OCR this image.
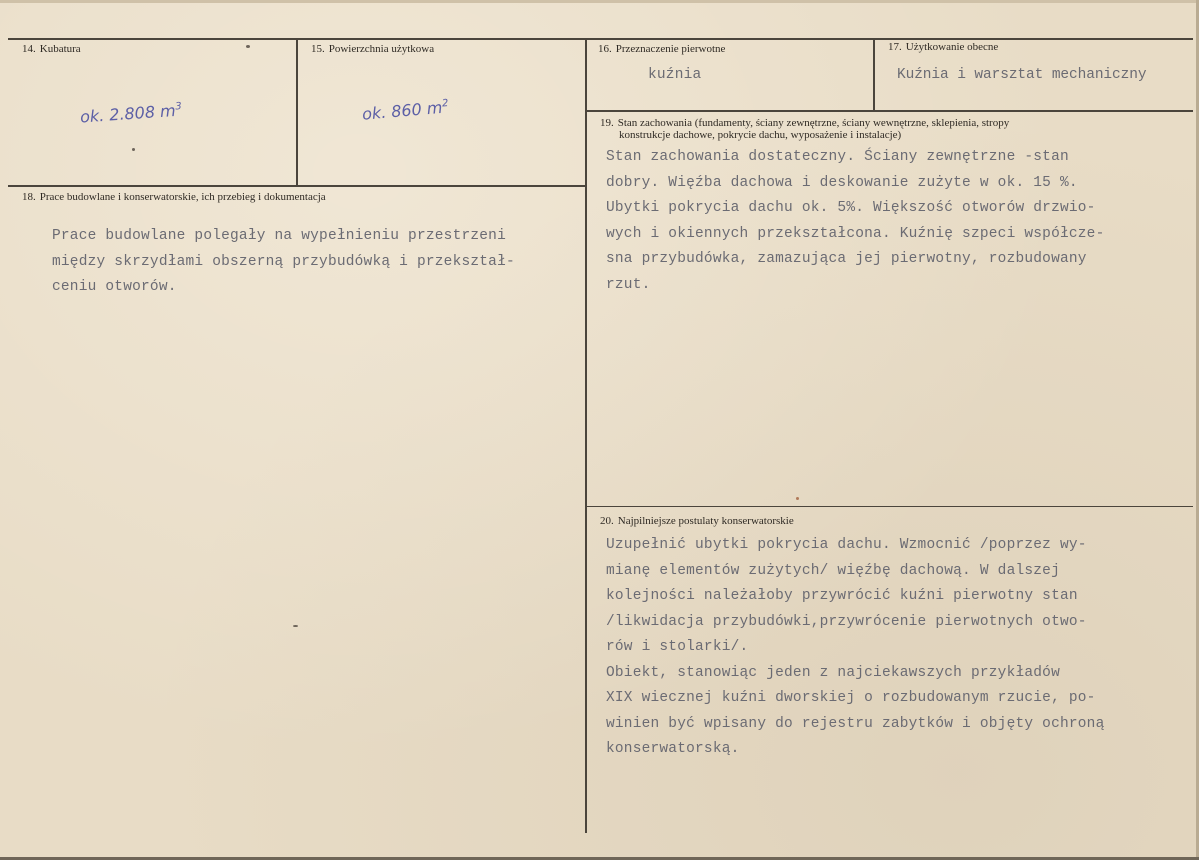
14. Kubatura
ok. 2.808 $m^3$
15. Powierzchnia użytkowa
ok. 860 $m^2$
16. Przeznaczenie pierwotne
kuźnia
17. Użytkowanie obecne
Kuźnia i warsztat mechaniczny
18. Prace budowlane i konserwatorskie, ich przebieg i dokumentacja
Prace budowlane polegały na wypełnieniu przestrzeni
między skrzydłami obszerną przybudówką i przekształ-
ceniu otworów.
19. Stan zachowania (fundamenty, ściany zewnętrzne, ściany wewnętrzne, sklepienia, stropy
konstrukcje dachowe, pokrycie dachu, wyposażenie i instalacje)
Stan zachowania dostateczny. Ściany zewnętrzne -stan
dobry. Więźba dachowa i deskowanie zużyte w ok. 15 %.
Ubytki pokrycia dachu ok. 5%. Większość otworów drzwio-
wych i okiennych przekształcona. Kuźnię szpeci współcze-
sna przybudówka, zamazująca jej pierwotny, rozbudowany
rzut.
20. Najpilniejsze postulaty konserwatorskie
Uzupełnić ubytki pokrycia dachu. Wzmocnić /poprzez wy-
mianę elementów zużytych/ więźbę dachową. W dalszej
kolejności należałoby przywrócić kuźni pierwotny stan
/likwidacja przybudówki,przywrócenie pierwotnych otwo-
rów i stolarki/.
Obiekt, stanowiąc jeden z najciekawszych przykładów
XIX wiecznej kuźni dworskiej o rozbudowanym rzucie, po-
winien być wpisany do rejestru zabytków i objęty ochroną
konserwatorską.
